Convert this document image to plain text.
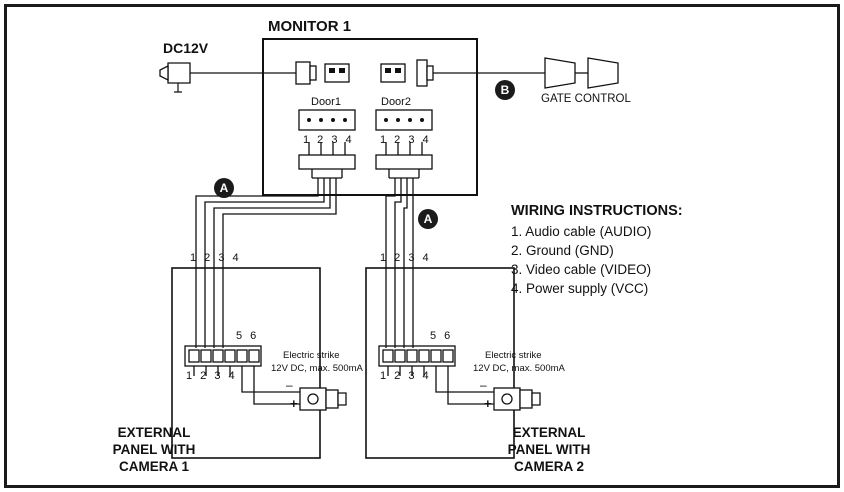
MONITOR 1
DC12V
Door1	Door2
1 2 3 4 1 2 3 4
A
A
B
GATE CONTROL
1 2 3 4	1 2 3 4
1 2 3 4
5 6
1 2 3 4
5 6
Electric strike
12V DC, max. 500mA
Electric strike
12V DC, max. 500mA
–
+
–
+
EXTERNAL
PANEL WITH
CAMERA 1
EXTERNAL
PANEL WITH
CAMERA 2
WIRING INSTRUCTIONS:
1. Audio cable (AUDIO)
2. Ground (GND)
3. Video cable (VIDEO)
4. Power supply (VCC)
